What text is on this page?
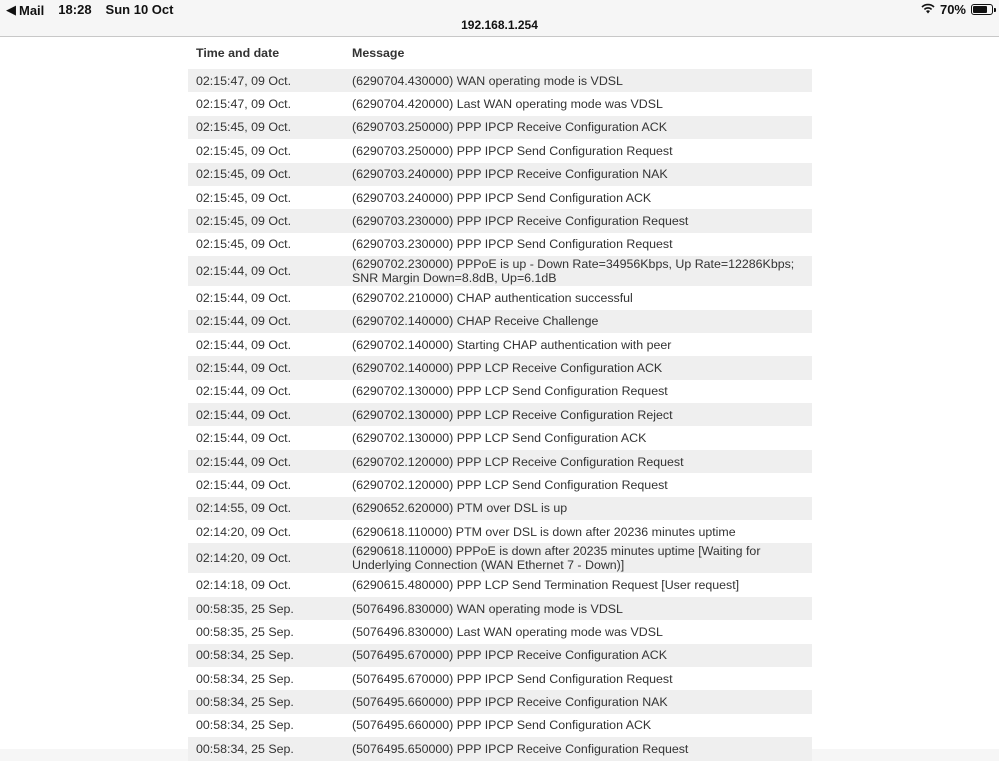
◀ Mail 18:28 Sun 10 Oct	70%
192.168.1.254
Time and date	Message
02:15:47, 09 Oct.	(6290704.430000) WAN operating mode is VDSL
02:15:47, 09 Oct.	(6290704.420000) Last WAN operating mode was VDSL
02:15:45, 09 Oct.	(6290703.250000) PPP IPCP Receive Configuration ACK
02:15:45, 09 Oct.	(6290703.250000) PPP IPCP Send Configuration Request
02:15:45, 09 Oct.	(6290703.240000) PPP IPCP Receive Configuration NAK
02:15:45, 09 Oct.	(6290703.240000) PPP IPCP Send Configuration ACK
02:15:45, 09 Oct.	(6290703.230000) PPP IPCP Receive Configuration Request
02:15:45, 09 Oct.	(6290703.230000) PPP IPCP Send Configuration Request
02:15:44, 09 Oct.	(6290702.230000) PPPoE is up - Down Rate=34956Kbps, Up Rate=12286Kbps; SNR Margin Down=8.8dB, Up=6.1dB
02:15:44, 09 Oct.	(6290702.210000) CHAP authentication successful
02:15:44, 09 Oct.	(6290702.140000) CHAP Receive Challenge
02:15:44, 09 Oct.	(6290702.140000) Starting CHAP authentication with peer
02:15:44, 09 Oct.	(6290702.140000) PPP LCP Receive Configuration ACK
02:15:44, 09 Oct.	(6290702.130000) PPP LCP Send Configuration Request
02:15:44, 09 Oct.	(6290702.130000) PPP LCP Receive Configuration Reject
02:15:44, 09 Oct.	(6290702.130000) PPP LCP Send Configuration ACK
02:15:44, 09 Oct.	(6290702.120000) PPP LCP Receive Configuration Request
02:15:44, 09 Oct.	(6290702.120000) PPP LCP Send Configuration Request
02:14:55, 09 Oct.	(6290652.620000) PTM over DSL is up
02:14:20, 09 Oct.	(6290618.110000) PTM over DSL is down after 20236 minutes uptime
02:14:20, 09 Oct.	(6290618.110000) PPPoE is down after 20235 minutes uptime [Waiting for Underlying Connection (WAN Ethernet 7 - Down)]
02:14:18, 09 Oct.	(6290615.480000) PPP LCP Send Termination Request [User request]
00:58:35, 25 Sep.	(5076496.830000) WAN operating mode is VDSL
00:58:35, 25 Sep.	(5076496.830000) Last WAN operating mode was VDSL
00:58:34, 25 Sep.	(5076495.670000) PPP IPCP Receive Configuration ACK
00:58:34, 25 Sep.	(5076495.670000) PPP IPCP Send Configuration Request
00:58:34, 25 Sep.	(5076495.660000) PPP IPCP Receive Configuration NAK
00:58:34, 25 Sep.	(5076495.660000) PPP IPCP Send Configuration ACK
00:58:34, 25 Sep.	(5076495.650000) PPP IPCP Receive Configuration Request
